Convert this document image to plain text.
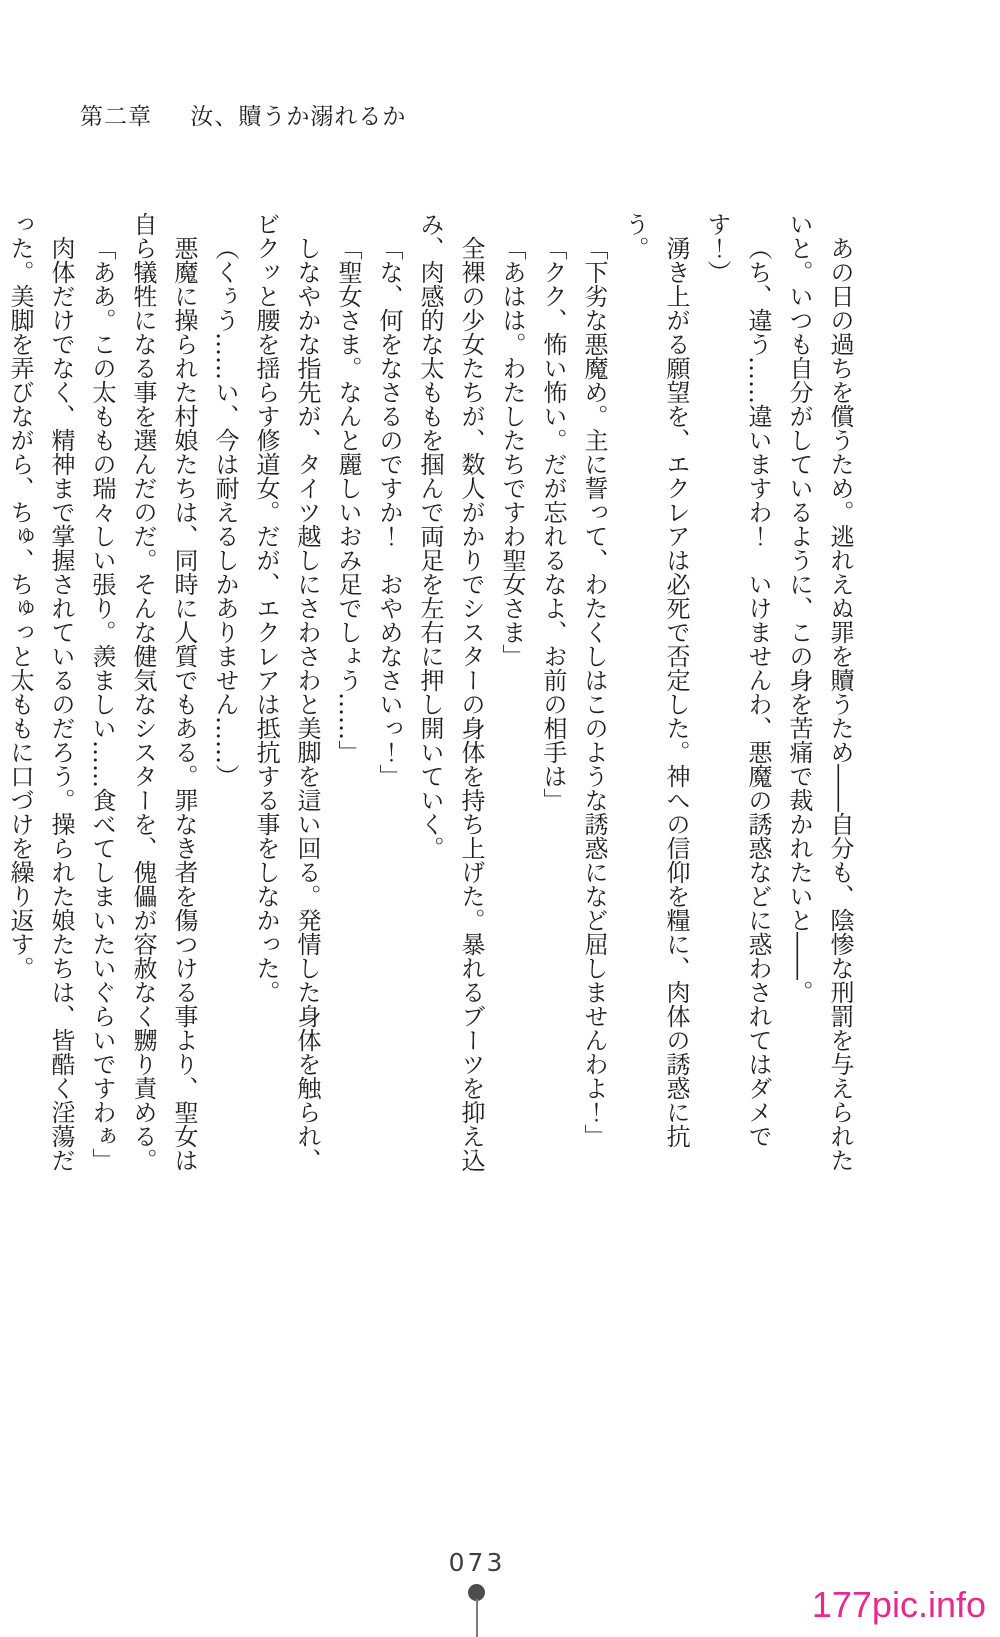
第二章 汝、贖うか溺れるか

あの日の過ちを償うため。逃れえぬ罪を贖うため――自分も、陰惨な刑罰を与えられたいと。いつも自分がしているように、この身を苦痛で裁かれたいと――。

（ち、違う……違いますわ！　いけませんわ、悪魔の誘惑などに惑わされてはダメです！）

湧き上がる願望を、エクレアは必死で否定した。神への信仰を糧に、肉体の誘惑に抗う。

「下劣な悪魔め。主に誓って、わたくしはこのような誘惑になど屈しませんわよ！」

「クク、怖い怖い。だが忘れるなよ、お前の相手は」

「あはは。わたしたちですわ聖女さま」

全裸の少女たちが、数人がかりでシスターの身体を持ち上げた。暴れるブーツを抑え込み、肉感的な太ももを掴んで両足を左右に押し開いていく。

「な、何をなさるのですか！　おやめなさいっ！」

「聖女さま。なんと麗しいおみ足でしょう……」

しなやかな指先が、タイツ越しにさわさわと美脚を這い回る。発情した身体を触られ、ビクッと腰を揺らす修道女。だが、エクレアは抵抗する事をしなかった。

（くぅう……い、今は耐えるしかありません……）

悪魔に操られた村娘たちは、同時に人質でもある。罪なき者を傷つける事より、聖女は自ら犠牲になる事を選んだのだ。そんな健気なシスターを、傀儡が容赦なく嬲り責める。

「ああ。この太ももの瑞々しい張り。羨ましい……食べてしまいたいぐらいですわぁ」

肉体だけでなく、精神まで掌握されているのだろう。操られた娘たちは、皆酷く淫蕩だった。美脚を弄びながら、ちゅ、ちゅっと太ももに口づけを繰り返す。

073
177pic.info
